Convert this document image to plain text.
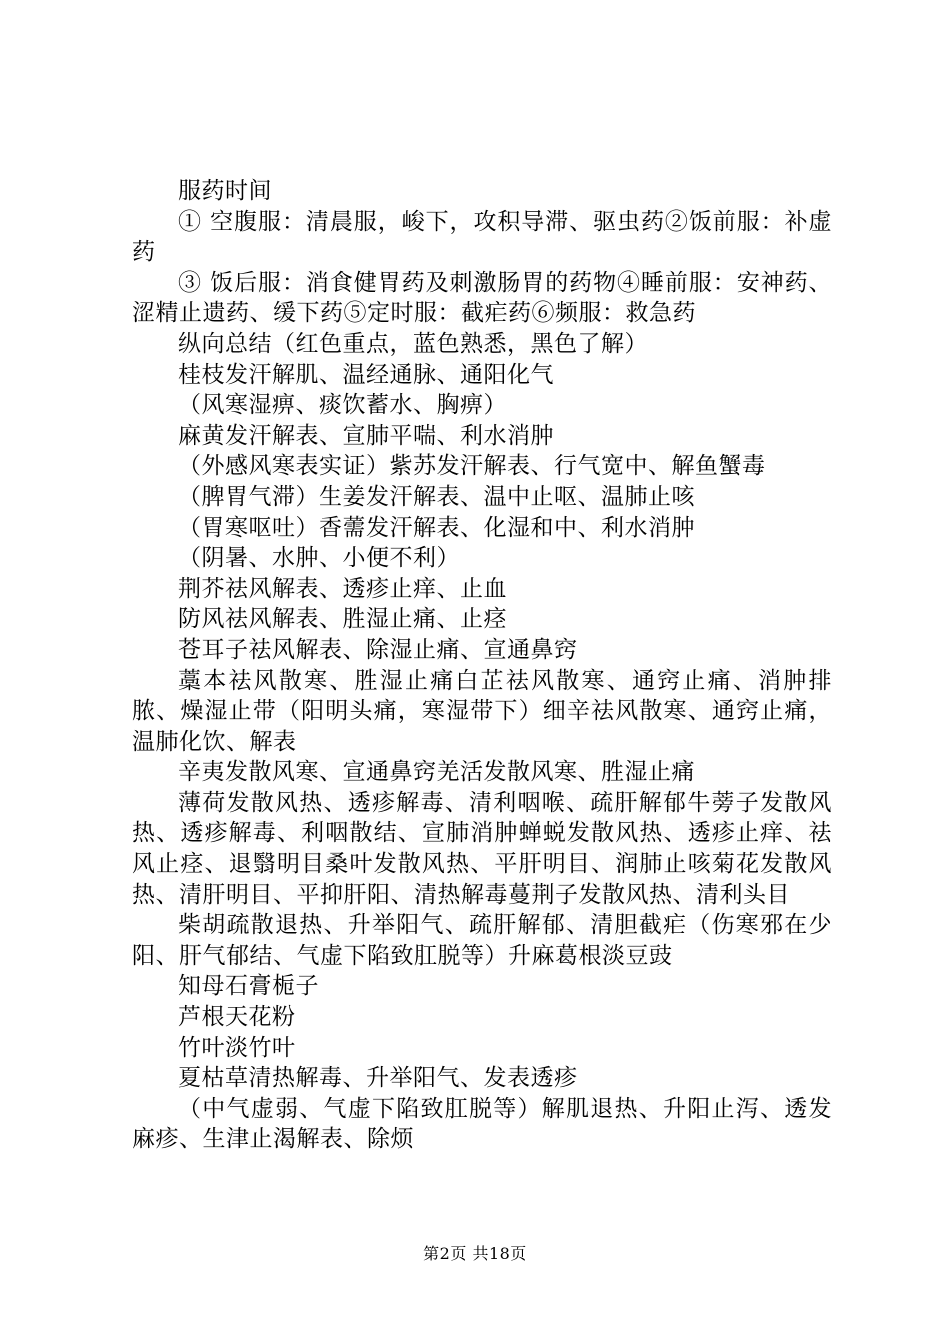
服药时间

① 空腹服：清晨服，峻下，攻积导滞、驱虫药②饭前服：补虚药

③ 饭后服：消食健胃药及刺激肠胃的药物④睡前服：安神药、涩精止遗药、缓下药⑤定时服：截疟药⑥频服：救急药

纵向总结（红色重点，蓝色熟悉，黑色了解）

桂枝发汗解肌、温经通脉、通阳化气

（风寒湿痹、痰饮蓄水、胸痹）

麻黄发汗解表、宣肺平喘、利水消肿

（外感风寒表实证）紫苏发汗解表、行气宽中、解鱼蟹毒

（脾胃气滞）生姜发汗解表、温中止呕、温肺止咳

（胃寒呕吐）香薷发汗解表、化湿和中、利水消肿

（阴暑、水肿、小便不利）

荆芥祛风解表、透疹止痒、止血

防风祛风解表、胜湿止痛、止痉

苍耳子祛风解表、除湿止痛、宣通鼻窍

藁本祛风散寒、胜湿止痛白芷祛风散寒、通窍止痛、消肿排脓、燥湿止带（阳明头痛，寒湿带下）细辛祛风散寒、通窍止痛，温肺化饮、解表

辛夷发散风寒、宣通鼻窍羌活发散风寒、胜湿止痛

薄荷发散风热、透疹解毒、清利咽喉、疏肝解郁牛蒡子发散风热、透疹解毒、利咽散结、宣肺消肿蝉蜕发散风热、透疹止痒、祛风止痉、退翳明目桑叶发散风热、平肝明目、润肺止咳菊花发散风热、清肝明目、平抑肝阳、清热解毒蔓荆子发散风热、清利头目

柴胡疏散退热、升举阳气、疏肝解郁、清胆截疟（伤寒邪在少阳、肝气郁结、气虚下陷致肛脱等）升麻葛根淡豆豉

知母石膏栀子

芦根天花粉

竹叶淡竹叶

夏枯草清热解毒、升举阳气、发表透疹

（中气虚弱、气虚下陷致肛脱等）解肌退热、升阳止泻、透发麻疹、生津止渴解表、除烦

第2页 共18页
